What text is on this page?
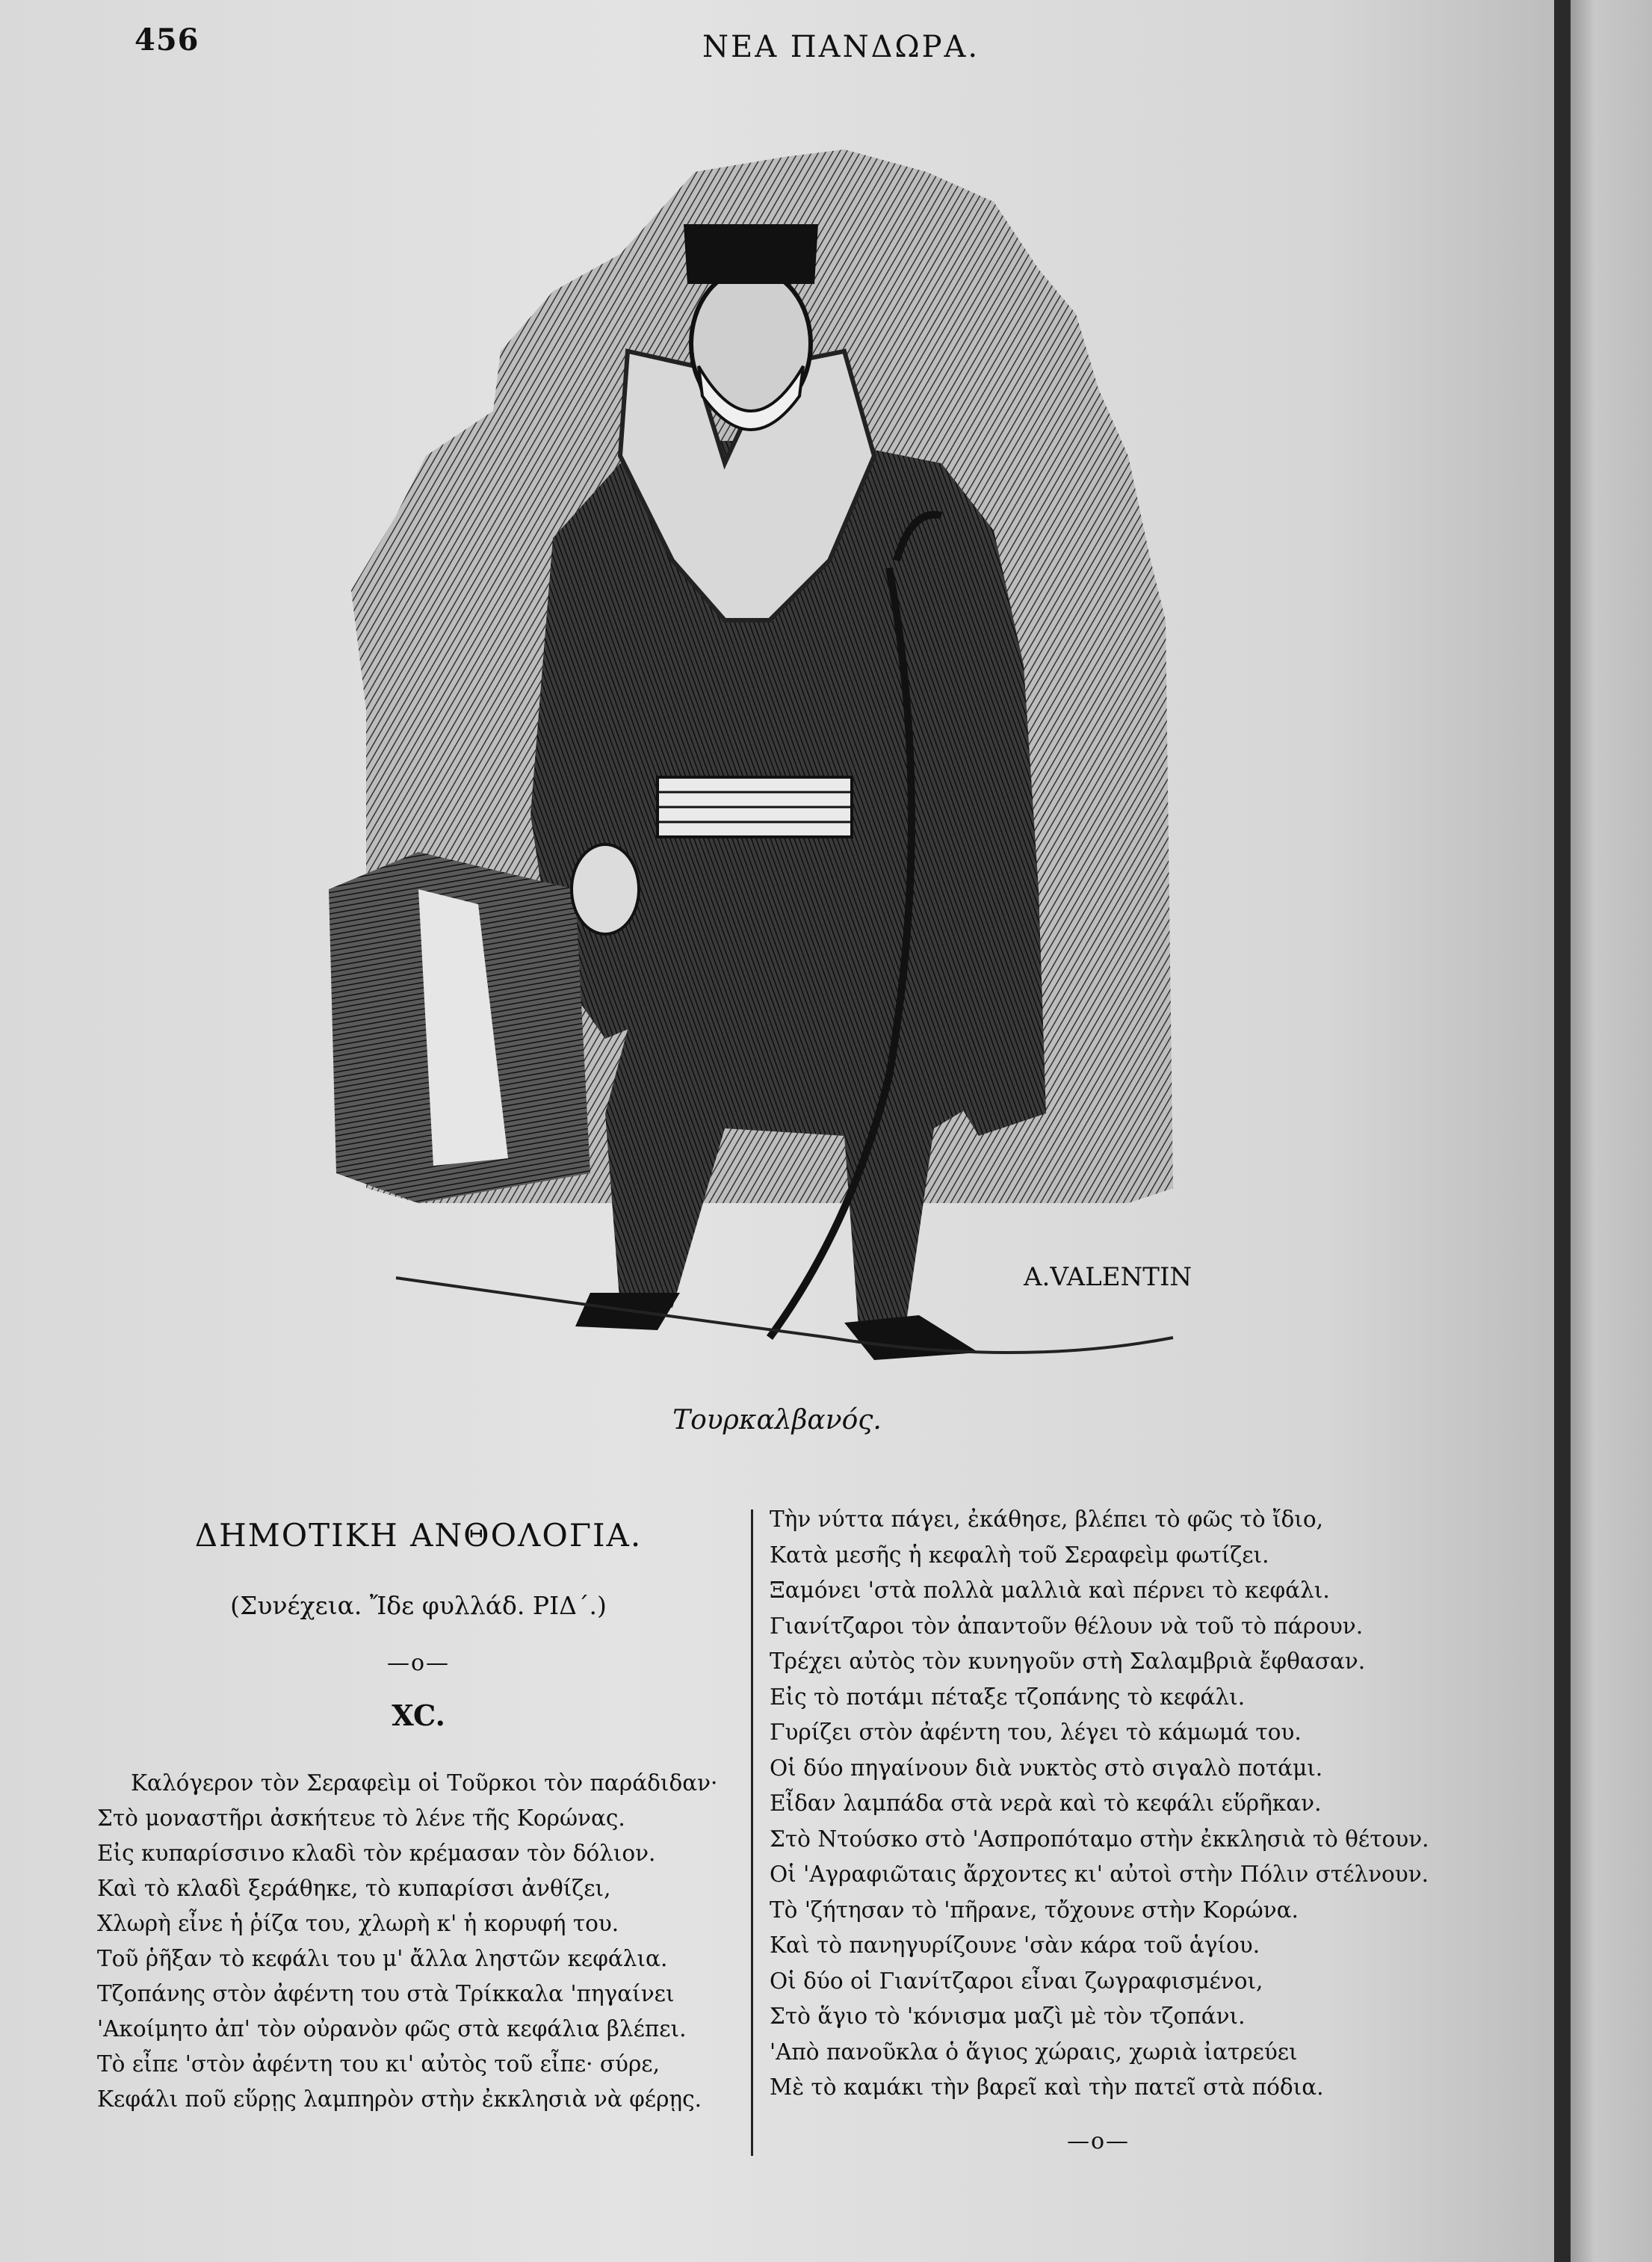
456	ΝΕΑ ΠΑΝΔΩΡΑ.
A.VALENTIN
Τουρκαλβανός.
ΔΗΜΟΤΙΚΗ ΑΝΘΟΛΟΓΙΑ.
(Συνέχεια. Ἴδε φυλλάδ. ΡΙΔ΄.)
—o—
XC.
Καλόγερον τὸν Σεραφεὶμ οἱ Τοῦρκοι τὸν παράδιδαν·
Στὸ μοναστῆρι ἀσκήτευε τὸ λένε τῆς Κορώνας.
Εἰς κυπαρίσσινο κλαδὶ τὸν κρέμασαν τὸν δόλιον.
Καὶ τὸ κλαδὶ ξεράθηκε, τὸ κυπαρίσσι ἀνθίζει,
Χλωρὴ εἶνε ἡ ῥίζα του, χλωρὴ κ' ἡ κορυφή του.
Τοῦ ῥῆξαν τὸ κεφάλι του μ' ἄλλα ληστῶν κεφάλια.
Τζοπάνης στὸν ἀφέντη του στὰ Τρίκκαλα 'πηγαίνει
'Ακοίμητο ἀπ' τὸν οὐρανὸν φῶς στὰ κεφάλια βλέπει.
Τὸ εἶπε 'στὸν ἀφέντη του κι' αὐτὸς τοῦ εἶπε· σύρε,
Κεφάλι ποῦ εὕρῃς λαμπηρὸν στὴν ἐκκλησιὰ νὰ φέρῃς.
Τὴν νύττα πάγει, ἐκάθησε, βλέπει τὸ φῶς τὸ ἴδιο,
Κατὰ μεσῆς ἡ κεφαλὴ τοῦ Σεραφεὶμ φωτίζει.
Ξαμόνει 'στὰ πολλὰ μαλλιὰ καὶ πέρνει τὸ κεφάλι.
Γιανίτζαροι τὸν ἀπαντοῦν θέλουν νὰ τοῦ τὸ πάρουν.
Τρέχει αὐτὸς τὸν κυνηγοῦν στὴ Σαλαμβριὰ ἔφθασαν.
Εἰς τὸ ποτάμι πέταξε τζοπάνης τὸ κεφάλι.
Γυρίζει στὸν ἀφέντη του, λέγει τὸ κάμωμά του.
Οἱ δύο πηγαίνουν διὰ νυκτὸς στὸ σιγαλὸ ποτάμι.
Εἶδαν λαμπάδα στὰ νερὰ καὶ τὸ κεφάλι εὕρῆκαν.
Στὸ Ντούσκο στὸ 'Ασπροπόταμο στὴν ἐκκλησιὰ τὸ θέτουν.
Οἱ 'Αγραφιῶταις ἄρχοντες κι' αὐτοὶ στὴν Πόλιν στέλνουν.
Τὸ 'ζήτησαν τὸ 'πῆρανε, τὄχουνε στὴν Κορώνα.
Καὶ τὸ πανηγυρίζουνε 'σὰν κάρα τοῦ ἁγίου.
Οἱ δύο οἱ Γιανίτζαροι εἶναι ζωγραφισμένοι,
Στὸ ἅγιο τὸ 'κόνισμα μαζὶ μὲ τὸν τζοπάνι.
'Απὸ πανοῦκλα ὁ ἅγιος χώραις, χωριὰ ἰατρεύει
Μὲ τὸ καμάκι τὴν βαρεῖ καὶ τὴν πατεῖ στὰ πόδια.
—o—
